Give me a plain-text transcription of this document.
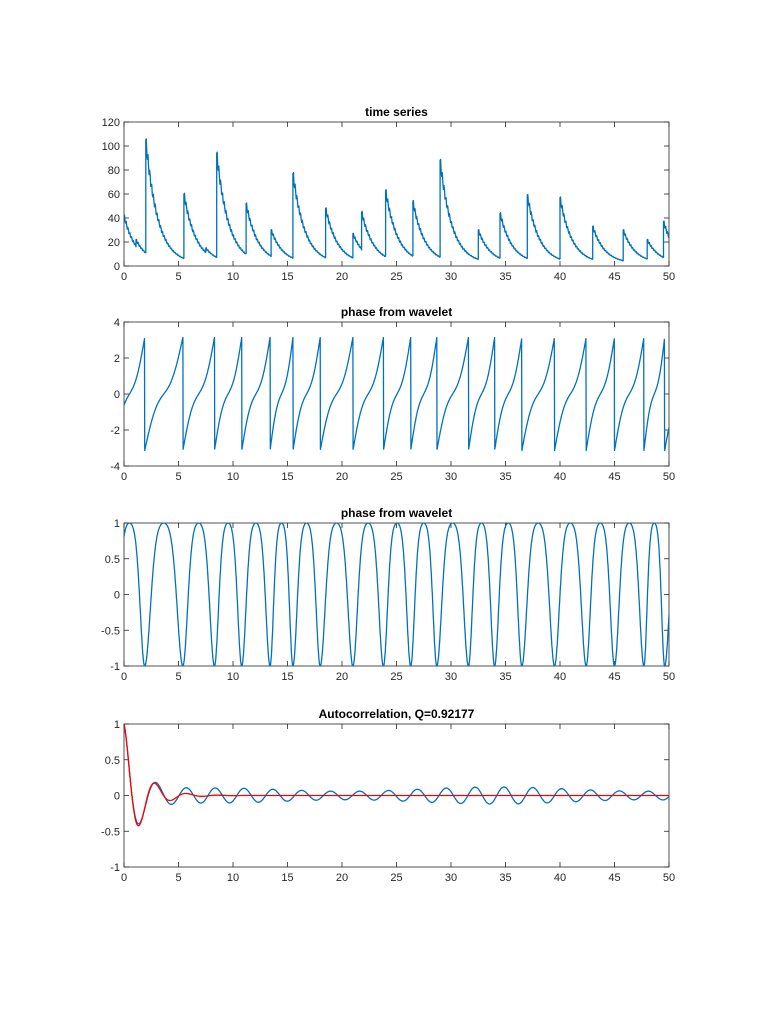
0	5	10	15	20	25	30	35	40	45	50
0
20
40
60
80
100
120
time series
0	5	10	15	20	25	30	35	40	45	50
-4
-2
0
2
4
phase from wavelet
0	5	10	15	20	25	30	35	40	45	50
-1
-0.5
0
0.5
1
phase from wavelet
0	5	10	15	20	25	30	35	40	45	50
-1
-0.5
0
0.5
1
Autocorrelation, Q=0.92177
